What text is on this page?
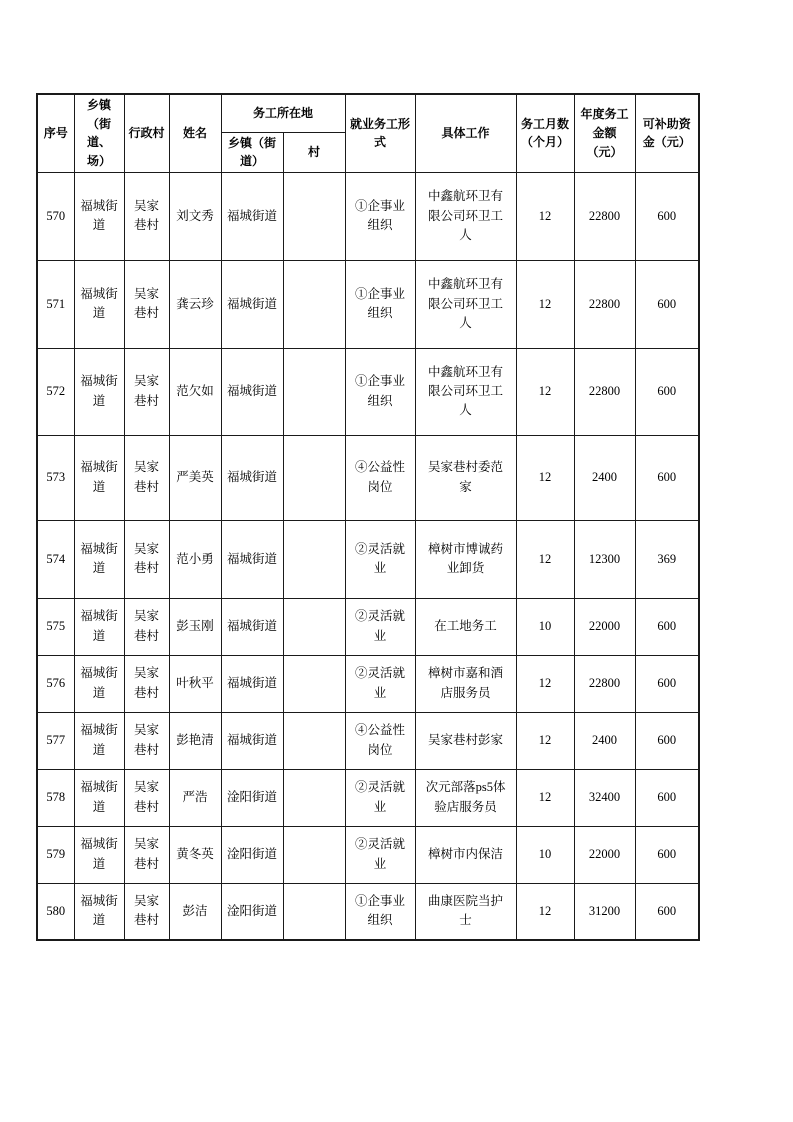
序号	乡镇（街道、场）	行政村	姓名	务工所在地		就业务工形式	具体工作	务工月数（个月）	年度务工金额（元）	可补助资金（元）
				乡镇（街道）	村					
570	福城街道	吴家巷村	刘文秀	福城街道		①企事业组织	中鑫航环卫有限公司环卫工人	12	22800	600
571	福城街道	吴家巷村	龚云珍	福城街道		①企事业组织	中鑫航环卫有限公司环卫工人	12	22800	600
572	福城街道	吴家巷村	范欠如	福城街道		①企事业组织	中鑫航环卫有限公司环卫工人	12	22800	600
573	福城街道	吴家巷村	严美英	福城街道		④公益性岗位	吴家巷村委范家	12	2400	600
574	福城街道	吴家巷村	范小勇	福城街道		②灵活就业	樟树市博诚药业卸货	12	12300	369
575	福城街道	吴家巷村	彭玉刚	福城街道		②灵活就业	在工地务工	10	22000	600
576	福城街道	吴家巷村	叶秋平	福城街道		②灵活就业	樟树市嘉和酒店服务员	12	22800	600
577	福城街道	吴家巷村	彭艳清	福城街道		④公益性岗位	吴家巷村彭家	12	2400	600
578	福城街道	吴家巷村	严浩	淦阳街道		②灵活就业	次元部落ps5体验店服务员	12	32400	600
579	福城街道	吴家巷村	黄冬英	淦阳街道		②灵活就业	樟树市内保洁	10	22000	600
580	福城街道	吴家巷村	彭洁	淦阳街道		①企事业组织	曲康医院当护士	12	31200	600
